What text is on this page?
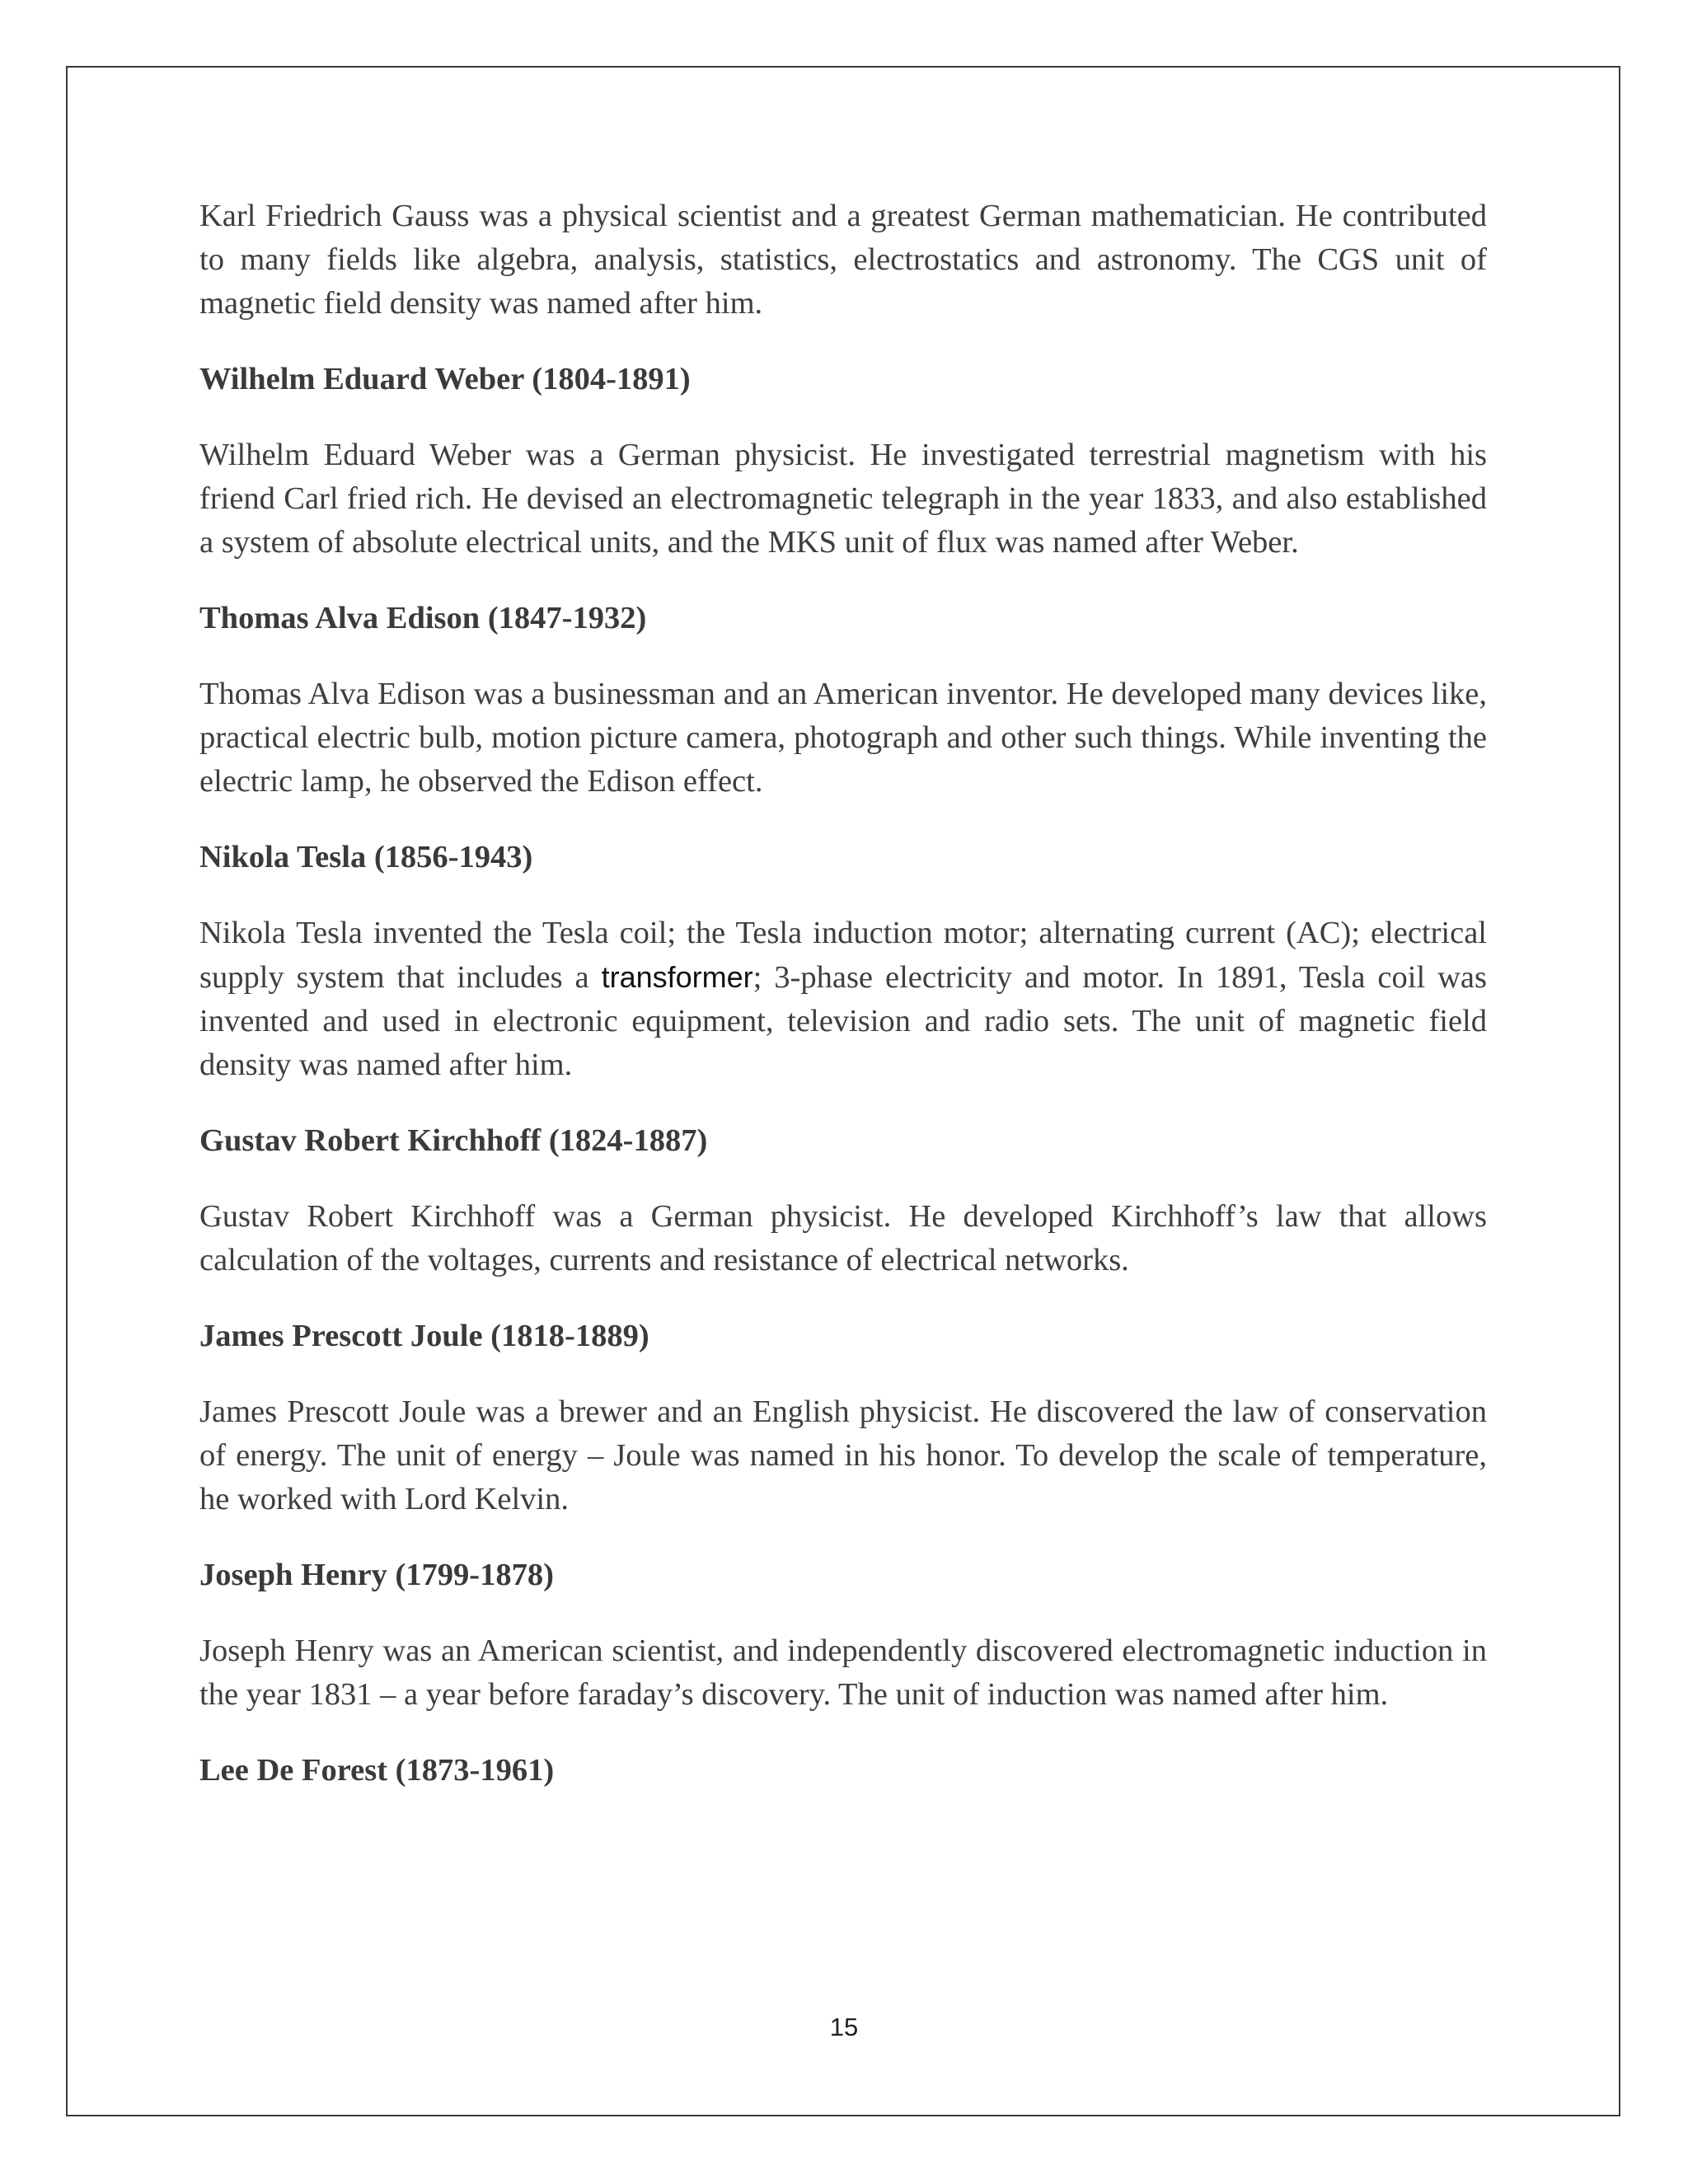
Karl Friedrich Gauss was a physical scientist and a greatest German mathematician. He contributed to many fields like algebra, analysis, statistics, electrostatics and astronomy. The CGS unit of magnetic field density was named after him.

Wilhelm Eduard Weber (1804-1891)

Wilhelm Eduard Weber was a German physicist. He investigated terrestrial magnetism with his friend Carl fried rich. He devised an electromagnetic telegraph in the year 1833, and also established a system of absolute electrical units, and the MKS unit of flux was named after Weber.

Thomas Alva Edison (1847-1932)

Thomas Alva Edison was a businessman and an American inventor. He developed many devices like, practical electric bulb, motion picture camera, photograph and other such things. While inventing the electric lamp, he observed the Edison effect.

Nikola Tesla (1856-1943)

Nikola Tesla invented the Tesla coil; the Tesla induction motor; alternating current (AC); electrical supply system that includes a transformer; 3-phase electricity and motor. In 1891, Tesla coil was invented and used in electronic equipment, television and radio sets. The unit of magnetic field density was named after him.

Gustav Robert Kirchhoff (1824-1887)

Gustav Robert Kirchhoff was a German physicist. He developed Kirchhoff’s law that allows calculation of the voltages, currents and resistance of electrical networks.

James Prescott Joule (1818-1889)

James Prescott Joule was a brewer and an English physicist. He discovered the law of conservation of energy. The unit of energy – Joule was named in his honor. To develop the scale of temperature, he worked with Lord Kelvin.

Joseph Henry (1799-1878)

Joseph Henry was an American scientist, and independently discovered electromagnetic induction in the year 1831 – a year before faraday’s discovery. The unit of induction was named after him.

Lee De Forest (1873-1961)

15
